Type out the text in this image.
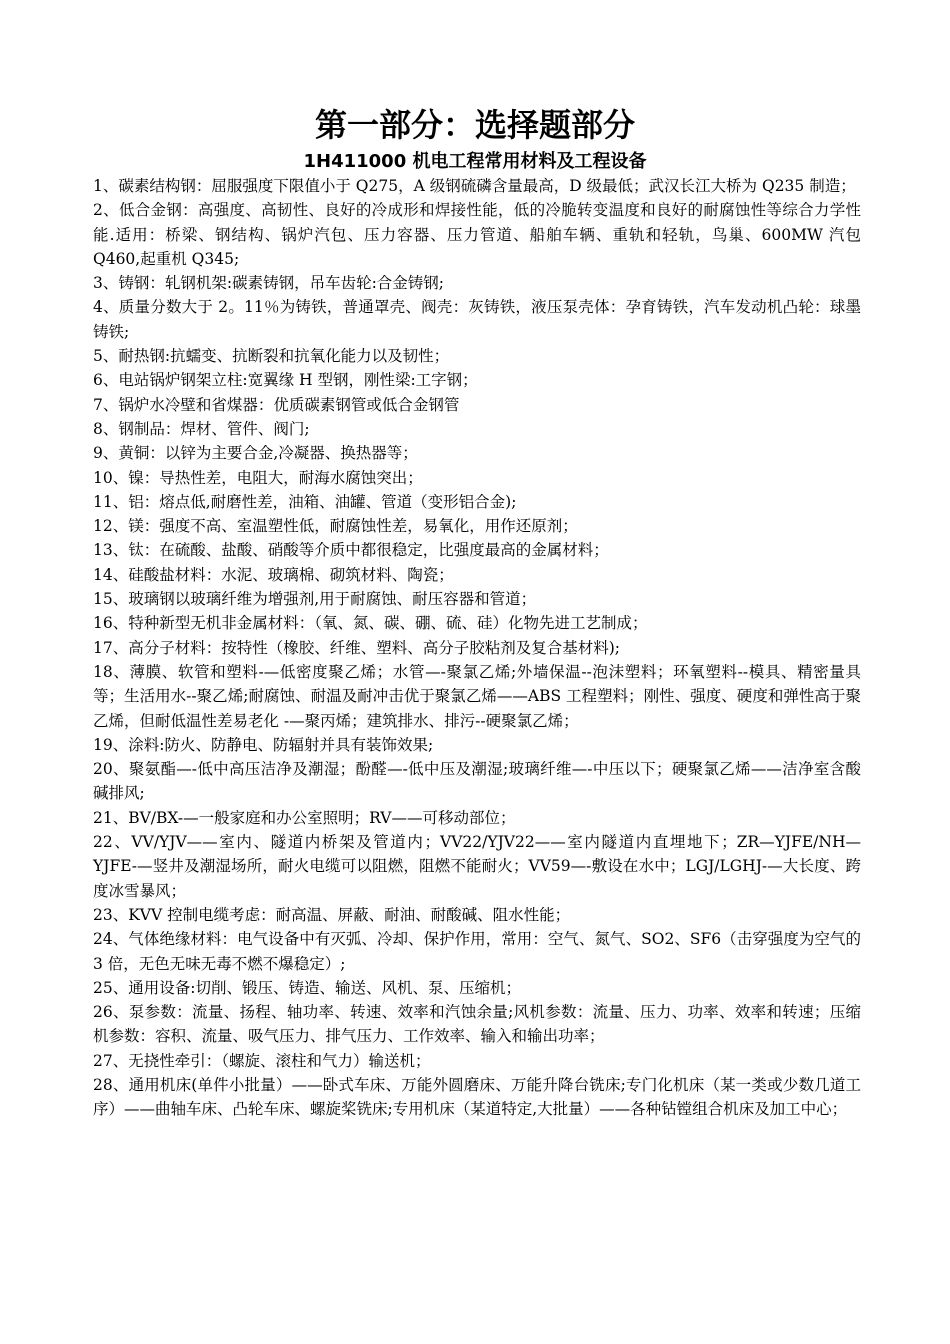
第一部分：选择题部分
1H411000 机电工程常用材料及工程设备

1、碳素结构钢：屈服强度下限值小于 Q275，A 级钢硫磷含量最高，D 级最低；武汉长江大桥为 Q235 制造；

2、低合金钢：高强度、高韧性、良好的冷成形和焊接性能，低的冷脆转变温度和良好的耐腐蚀性等综合力学性能.适用：桥梁、钢结构、锅炉汽包、压力容器、压力管道、船舶车辆、重轨和轻轨，鸟巢、600MW 汽包 Q460,起重机 Q345;

3、铸钢：轧钢机架:碳素铸钢，吊车齿轮:合金铸钢;

4、质量分数大于 2。11％为铸铁，普通罩壳、阀壳：灰铸铁，液压泵壳体：孕育铸铁，汽车发动机凸轮：球墨铸铁;

5、耐热钢:抗蠕变、抗断裂和抗氧化能力以及韧性；

6、电站锅炉钢架立柱:宽翼缘 H 型钢，刚性梁:工字钢；

7、锅炉水冷壁和省煤器：优质碳素钢管或低合金钢管

8、钢制品：焊材、管件、阀门;

9、黄铜：以锌为主要合金,冷凝器、换热器等；

10、镍：导热性差，电阻大，耐海水腐蚀突出；

11、铝：熔点低,耐磨性差，油箱、油罐、管道（变形铝合金);

12、镁：强度不高、室温塑性低，耐腐蚀性差，易氧化，用作还原剂；

13、钛：在硫酸、盐酸、硝酸等介质中都很稳定，比强度最高的金属材料；

14、硅酸盐材料：水泥、玻璃棉、砌筑材料、陶瓷；

15、玻璃钢以玻璃纤维为增强剂,用于耐腐蚀、耐压容器和管道；

16、特种新型无机非金属材料：（氧、氮、碳、硼、硫、硅）化物先进工艺制成；

17、高分子材料：按特性（橡胶、纤维、塑料、高分子胶粘剂及复合基材料);

18、薄膜、软管和塑料-—低密度聚乙烯；水管—-聚氯乙烯;外墙保温--泡沫塑料；环氧塑料--模具、精密量具等；生活用水--聚乙烯;耐腐蚀、耐温及耐冲击优于聚氯乙烯——ABS 工程塑料；刚性、强度、硬度和弹性高于聚乙烯，但耐低温性差易老化 -—聚丙烯；建筑排水、排污--硬聚氯乙烯；

19、涂料:防火、防静电、防辐射并具有装饰效果;

20、聚氨酯—-低中高压洁净及潮湿；酚醛—-低中压及潮湿;玻璃纤维—-中压以下；硬聚氯乙烯——洁净室含酸碱排风;

21、BV/BX-—一般家庭和办公室照明；RV——可移动部位；

22、VV/YJV——室内、隧道内桥架及管道内；VV22/YJV22——室内隧道内直埋地下；ZR—YJFE/NH—YJFE-—竖井及潮湿场所，耐火电缆可以阻燃，阻燃不能耐火；VV59—-敷设在水中；LGJ/LGHJ-—大长度、跨度冰雪暴风；

23、KVV 控制电缆考虑：耐高温、屏蔽、耐油、耐酸碱、阻水性能；

24、气体绝缘材料：电气设备中有灭弧、冷却、保护作用，常用：空气、氮气、SO2、SF6（击穿强度为空气的 3 倍，无色无味无毒不燃不爆稳定）;

25、通用设备:切削、锻压、铸造、输送、风机、泵、压缩机；

26、泵参数：流量、扬程、轴功率、转速、效率和汽蚀余量;风机参数：流量、压力、功率、效率和转速；压缩机参数：容积、流量、吸气压力、排气压力、工作效率、输入和输出功率；

27、无挠性牵引：（螺旋、滚柱和气力）输送机；

28、通用机床(单件小批量）——卧式车床、万能外圆磨床、万能升降台铣床;专门化机床（某一类或少数几道工序）——曲轴车床、凸轮车床、螺旋桨铣床;专用机床（某道特定,大批量）——各种钻镗组合机床及加工中心；
